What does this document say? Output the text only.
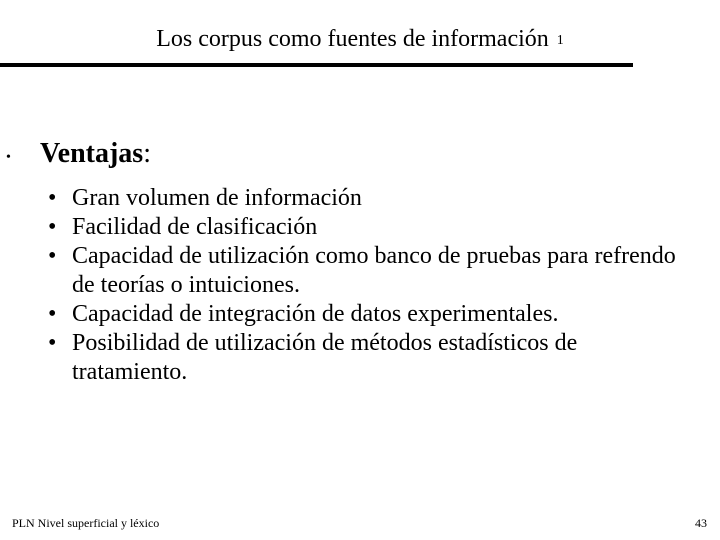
Los corpus como fuentes de información 1
• Ventajas:
• Gran volumen de información
• Facilidad de clasificación
• Capacidad de utilización como banco de pruebas para refrendo de teorías o intuiciones.
• Capacidad de integración de datos experimentales.
• Posibilidad de utilización de métodos estadísticos de tratamiento.
PLN Nivel superficial y léxico	43
